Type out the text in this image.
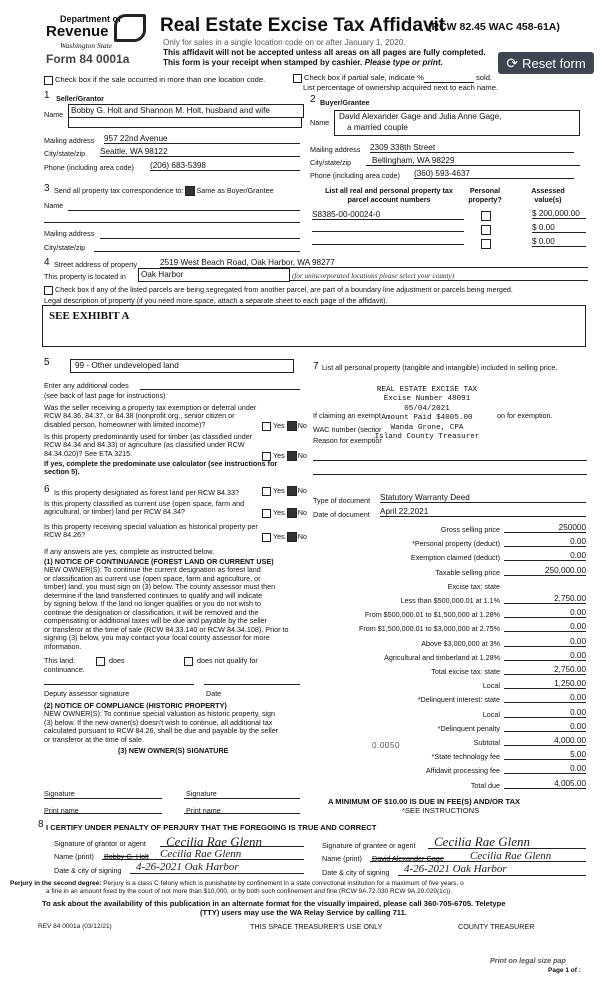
Department of
Revenue
Washington State
Form 84 0001a
Real Estate Excise Tax Affidavit
(RCW 82.45 WAC 458-61A)
Only for sales in a single location code on or after January 1, 2020.
This affidavit will not be accepted unless all areas on all pages are fully completed.
This form is your receipt when stamped by cashier. Please type or print.	⟳ Reset form
Check box if the sale occurred in more than one location code.	Check box if partial sale, indicate %	sold.
List percentage of ownership acquired next to each name.
1 Seller/Grantor
Name Bobby G. Holt and Shannon M. Holt, husband and wife
Mailing address 957 22nd Avenue
City/state/zip Seattle, WA 98122
Phone (including area code) (206) 683-5398
2 Buyer/Grantee
Name
David Alexander Gage and Julia Anne Gage,
a married couple
Mailing address 2309 338th Street
City/state/zip	Bellingham, WA 98229
Phone (including area code) (360) 593-4637
3 Send all property tax correspondence to: Same as Buyer/Grantee
Name
Mailing address
City/state/zip
List all real and personal property tax parcel account numbers
Personal property?
Assessed value(s)
S8385-00-00024-0	$ 200,000.00
$ 0.00
$ 0.00
4 Street address of property	2519 West Beach Road, Oak Harbor, WA 98277
This property is located in	Oak Harbor	(for unincorporated locations please select your county)
Check box if any of the listed parcels are being segregated from another parcel, are part of a boundary line adjustment or parcels being merged.
Legal description of property (if you need more space, attach a separate sheet to each page of the affidavit).
SEE EXHIBIT A
5	99 - Other undeveloped land
Enter any additional codes
(see back of last page for instructions)
Was the seller receiving a property tax exemption or deferral under RCW 84.36, 84.37, or 84.38 (nonprofit org., senior citizen or disabled person, homeowner with limited income)?	Yes No
Is this property predominantly used for timber (as classified under RCW 84.34 and 84.33) or agriculture (as classified under RCW 84.34.020)? See ETA 3215.	Yes No
If yes, complete the predominate use calculator (see instructions for section 5).
6 Is this property designated as forest land per RCW 84.33?	Yes No
Is this property classified as current use (open space, farm and agricultural, or timber) land per RCW 84.34?	Yes No
Is this property receiving special valuation as historical property per RCW 84.26?	Yes No
If any answers are yes, complete as instructed below.
(1) NOTICE OF CONTINUANCE (FOREST LAND OR CURRENT USE)
NEW OWNER(S): To continue the current designation as forest land
or classification as current use (open space, farm and agriculture, or
timber) land, you must sign on (3) below. The county assessor must then
determine if the land transferred continues to qualify and will indicate
by signing below. If the land no longer qualifies or you do not wish to
continue the designation or classification, it will be removed and the
compensating or additional taxes will be due and payable by the seller
or transferor at the time of sale (RCW 84.33.140 or RCW 84.34.108). Prior to
signing (3) below, you may contact your local county assessor for more
information.
This land:	does	does not qualify for
continuance.
Deputy assessor signature	Date
(2) NOTICE OF COMPLIANCE (HISTORIC PROPERTY)
NEW OWNER(S): To continue special valuation as historic property, sign
(3) below. If the new owner(s) doesn't wish to continue, all additional tax
calculated pursuant to RCW 84.26, shall be due and payable by the seller
or transferor at the time of sale.
(3) NEW OWNER(S) SIGNATURE
Signature	Signature
Print name	Print name
7 List all personal property (tangible and intangible) included in selling price.
REAL ESTATE EXCISE TAX
Excise Number 48091
05/04/2021
Amount Paid $4005.00
Wanda Grone, CPA
Island County Treasurer
If claiming an exempt	on for exemption.
WAC number (sectior
Reason for exemptior
Type of document Statutory Warranty Deed
Date of document April 22,2021
Gross selling price	250000
*Personal property (deduct)	0.00
Exemption claimed (deduct)	0.00
Taxable selling price	250,000.00
Excise tax: state
Less than $500,000.01 at 1.1%	2,750.00
From $500,000.01 to $1,500,000 at 1.28%	0.00
From $1,500,000.01 to $3,000,000 at 2.75%	0.00
Above $3,000,000 at 3%	0.00
Agricultural and timberland at 1.28%	0.00
Total excise tax: state	2,750.00
Local	1,250.00
*Delinquent interest: state	0.00
Local	0.00
*Delinquent penalty	0.00
Subtotal	4,000.00
*State technology fee	5.00
Affidavit processing fee	0.00
Total due	4,005.00
0.0050
A MINIMUM OF $10.00 IS DUE IN FEE(S) AND/OR TAX
*SEE INSTRUCTIONS
8 I CERTIFY UNDER PENALTY OF PERJURY THAT THE FOREGOING IS TRUE AND CORRECT
Signature of grantor or agent Cecilia Rae Glenn
Name (print) Bobby G. Holt Cecilia Rae Glenn
Date & city of signing 4-26-2021 Oak Harbor
Signature of grantee or agent Cecilia Rae Glenn
Name (print) David Alexander Gage Cecilia Rae Glenn
Date & city of signing 4-26-2021 Oak Harbor
Perjury in the second degree: Perjury is a class C felony which is punishable by confinement in a state correctional institution for a maximum of five years, o
a fine in an amount fixed by the court of not more than $10,000, or by both such confinement and fine (RCW 9A.72.030 RCW 9A.20.020(1c)).
To ask about the availability of this publication in an alternate format for the visually impaired, please call 360-705-6705. Teletype
(TTY) users may use the WA Relay Service by calling 711.
REV 84 0001a (03/12/21)	THIS SPACE TREASURER'S USE ONLY	COUNTY TREASURER
Print on legal size pap
Page 1 of :
